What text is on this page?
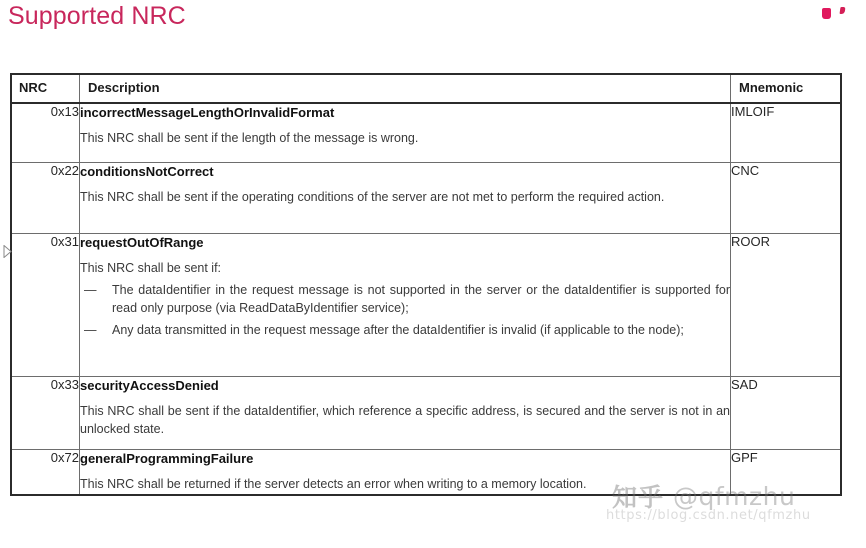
Supported NRC
NRC	Description	Mnemonic

0x13	incorrectMessageLengthOrInvalidFormat
This NRC shall be sent if the length of the message is wrong.	IMLOIF
0x22	conditionsNotCorrect
This NRC shall be sent if the operating conditions of the server are not met to perform the required action.	CNC
0x31	requestOutOfRange
This NRC shall be sent if:
— The dataIdentifier in the request message is not supported in the server or the dataIdentifier is supported for read only purpose (via ReadDataByIdentifier service);
— Any data transmitted in the request message after the dataIdentifier is invalid (if applicable to the node);
	ROOR
0x33	securityAccessDenied
This NRC shall be sent if the dataIdentifier, which reference a specific address, is secured and the server is not in an unlocked state.	SAD
0x72	generalProgrammingFailure
This NRC shall be returned if the server detects an error when writing to a memory location.	GPF
知乎 @qfmzhu
https://blog.csdn.net/qfmzhu
